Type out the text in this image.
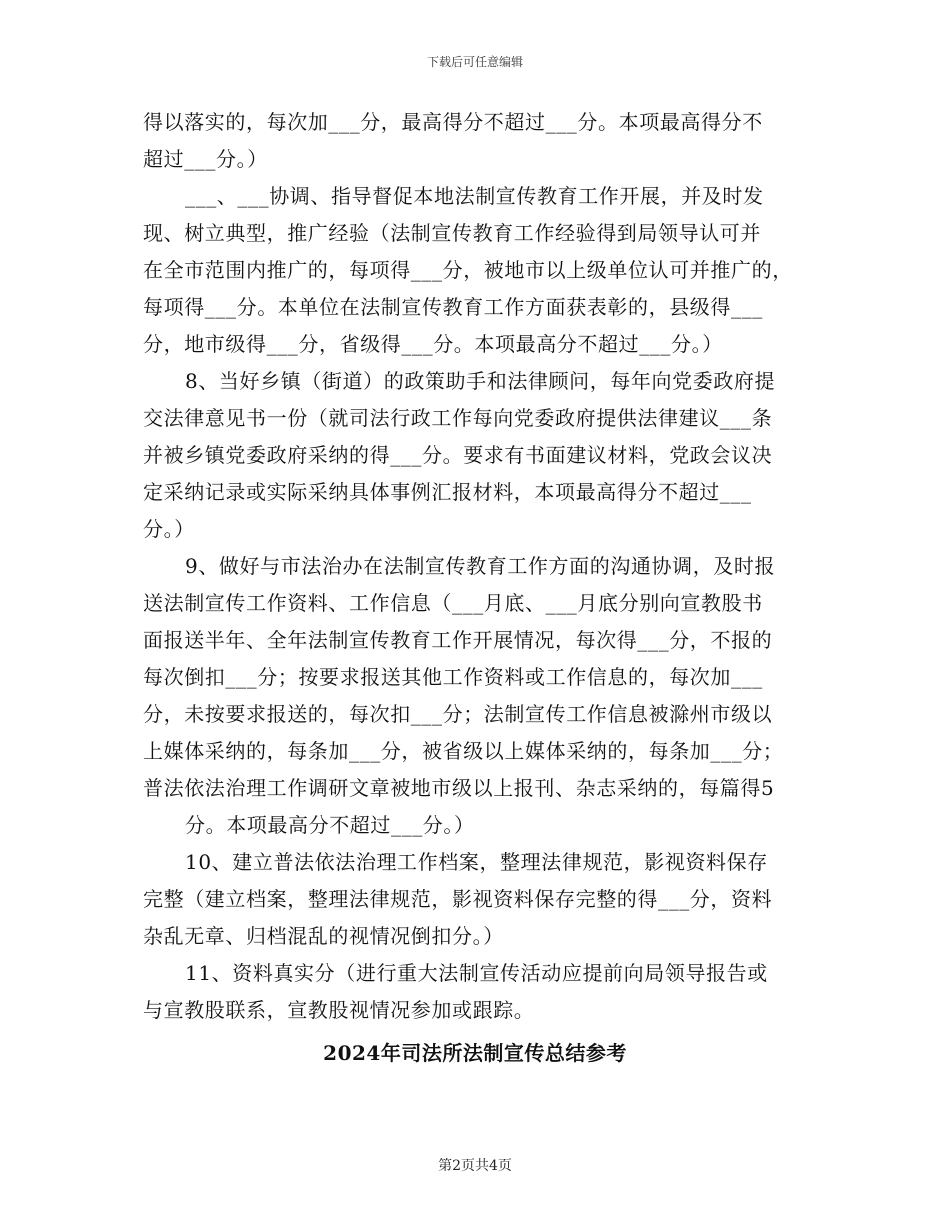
下载后可任意编辑
得以落实的，每次加___分，最高得分不超过___分。本项最高得分不
超过___分。）
___、___协调、指导督促本地法制宣传教育工作开展，并及时发
现、树立典型，推广经验（法制宣传教育工作经验得到局领导认可并
在全市范围内推广的，每项得___分，被地市以上级单位认可并推广的，
每项得___分。本单位在法制宣传教育工作方面获表彰的，县级得___
分，地市级得___分，省级得___分。本项最高分不超过___分。）
8、当好乡镇（街道）的政策助手和法律顾问，每年向党委政府提
交法律意见书一份（就司法行政工作每向党委政府提供法律建议___条
并被乡镇党委政府采纳的得___分。要求有书面建议材料，党政会议决
定采纳记录或实际采纳具体事例汇报材料，本项最高得分不超过___
分。）
9、做好与市法治办在法制宣传教育工作方面的沟通协调，及时报
送法制宣传工作资料、工作信息（___月底、___月底分别向宣教股书
面报送半年、全年法制宣传教育工作开展情况，每次得___分，不报的
每次倒扣___分；按要求报送其他工作资料或工作信息的，每次加___
分，未按要求报送的，每次扣___分；法制宣传工作信息被滁州市级以
上媒体采纳的，每条加___分，被省级以上媒体采纳的，每条加___分；
普法依法治理工作调研文章被地市级以上报刊、杂志采纳的，每篇得5
分。本项最高分不超过___分。）
10、建立普法依法治理工作档案，整理法律规范，影视资料保存
完整（建立档案，整理法律规范，影视资料保存完整的得___分，资料
杂乱无章、归档混乱的视情况倒扣分。）
11、资料真实分（进行重大法制宣传活动应提前向局领导报告或
与宣教股联系，宣教股视情况参加或跟踪。
2024年司法所法制宣传总结参考
第2页共4页
